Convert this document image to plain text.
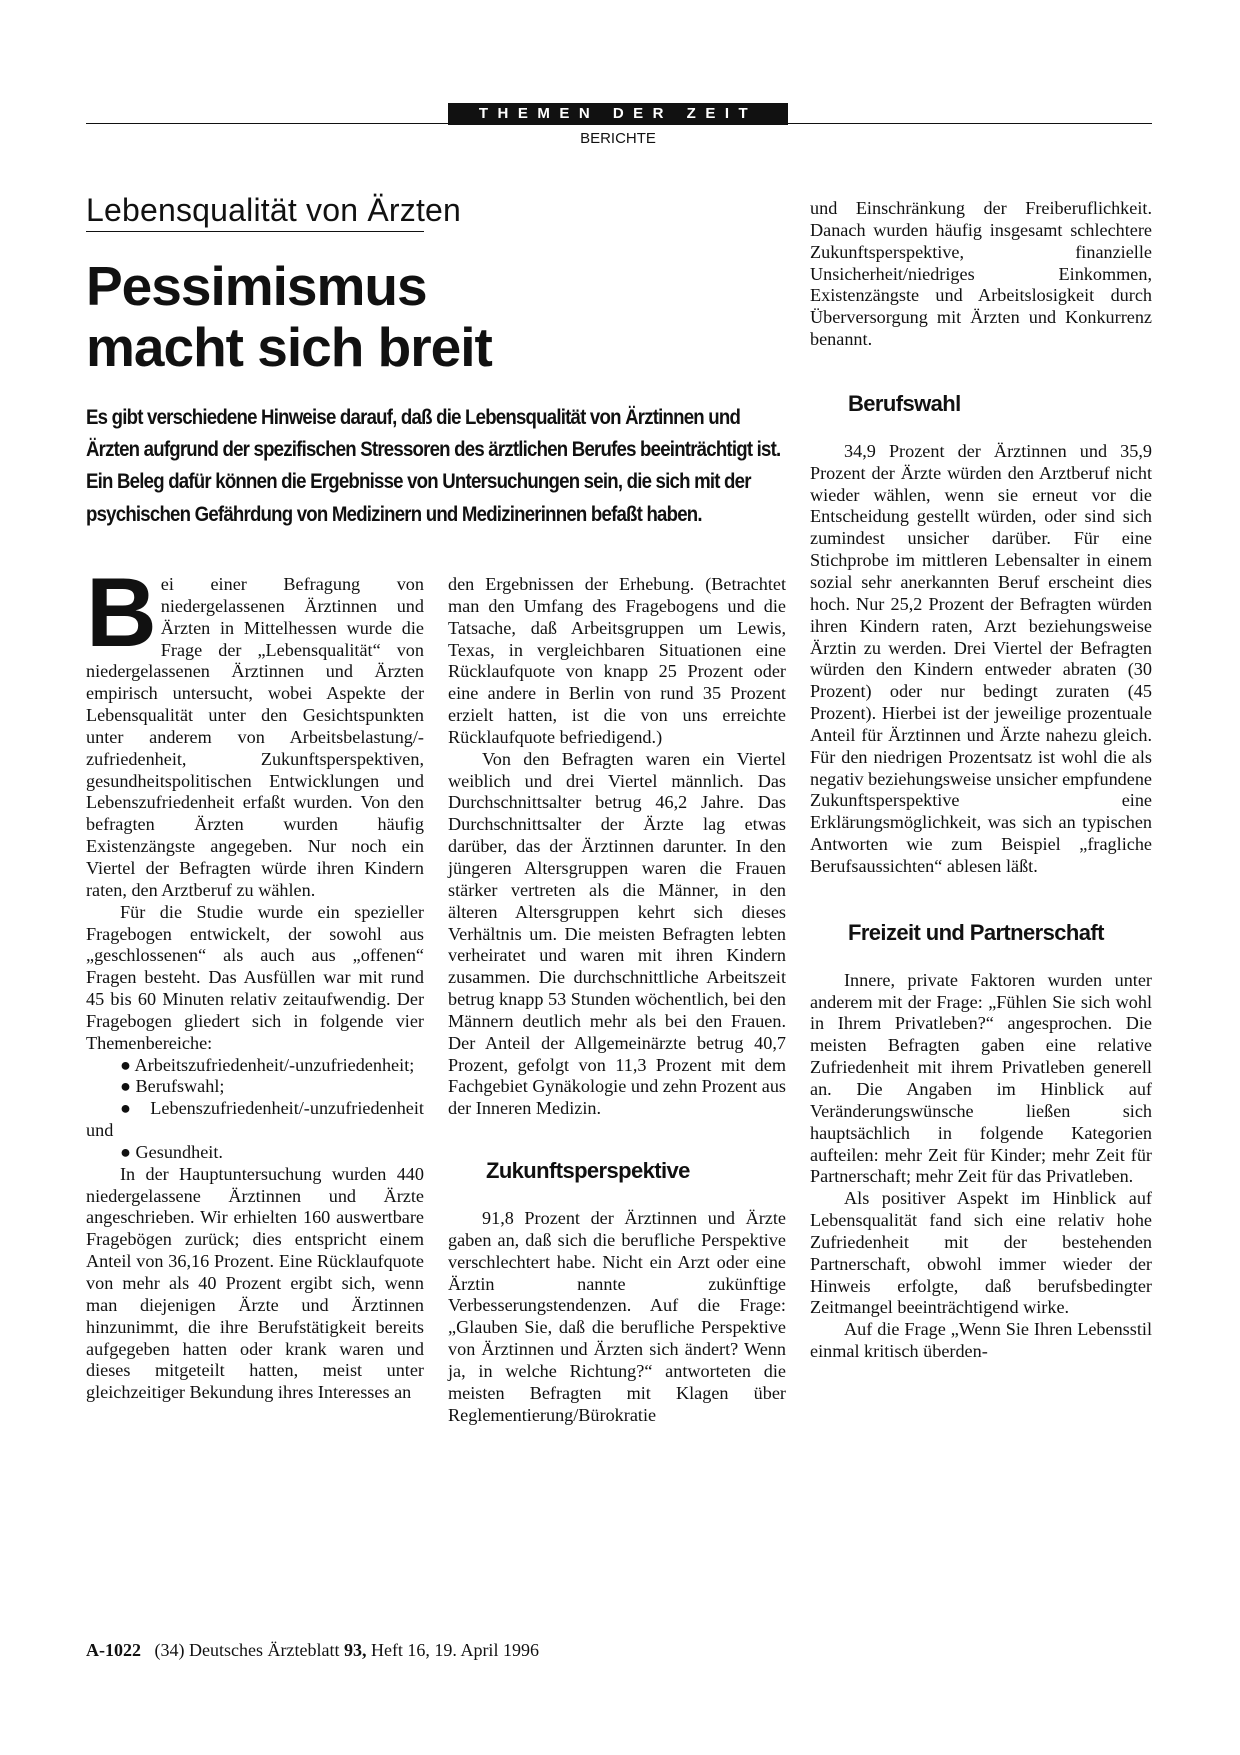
THEMEN DER ZEIT
BERICHTE
Lebensqualität von Ärzten
Pessimismus
macht sich breit
Es gibt verschiedene Hinweise darauf, daß die Lebensqualität von Ärztinnen und Ärzten aufgrund der spezifischen Stressoren des ärztlichen Berufes beeinträchtigt ist. Ein Beleg dafür können die Ergebnisse von Untersuchungen sein, die sich mit der psychischen Gefährdung von Medizinern und Medizinerinnen befaßt haben.

Bei einer Befragung von niedergelassenen Ärztinnen und Ärzten in Mittelhessen wurde die Frage der „Lebensqualität“ von niedergelassenen Ärztinnen und Ärzten empirisch untersucht, wobei Aspekte der Lebensqualität unter den Gesichtspunkten unter anderem von Arbeitsbelastung/-zufriedenheit, Zukunftsperspektiven, gesundheitspolitischen Entwicklungen und Lebenszufriedenheit erfaßt wurden. Von den befragten Ärzten wurden häufig Existenzängste angegeben. Nur noch ein Viertel der Befragten würde ihren Kindern raten, den Arztberuf zu wählen.

Für die Studie wurde ein spezieller Fragebogen entwickelt, der sowohl aus „geschlossenen“ als auch aus „offenen“ Fragen besteht. Das Ausfüllen war mit rund 45 bis 60 Minuten relativ zeitaufwendig. Der Fragebogen gliedert sich in folgende vier Themenbereiche:

● Arbeitszufriedenheit/-unzufriedenheit;

● Berufswahl;

● Lebenszufriedenheit/-unzufriedenheit und

● Gesundheit.

In der Hauptuntersuchung wurden 440 niedergelassene Ärztinnen und Ärzte angeschrieben. Wir erhielten 160 auswertbare Fragebögen zurück; dies entspricht einem Anteil von 36,16 Prozent. Eine Rücklaufquote von mehr als 40 Prozent ergibt sich, wenn man diejenigen Ärzte und Ärztinnen hinzunimmt, die ihre Berufstätigkeit bereits aufgegeben hatten oder krank waren und dieses mitgeteilt hatten, meist unter gleichzeitiger Bekundung ihres Interesses an

den Ergebnissen der Erhebung. (Betrachtet man den Umfang des Fragebogens und die Tatsache, daß Arbeitsgruppen um Lewis, Texas, in vergleichbaren Situationen eine Rücklaufquote von knapp 25 Prozent oder eine andere in Berlin von rund 35 Prozent erzielt hatten, ist die von uns erreichte Rücklaufquote befriedigend.)

Von den Befragten waren ein Viertel weiblich und drei Viertel männlich. Das Durchschnittsalter betrug 46,2 Jahre. Das Durchschnittsalter der Ärzte lag etwas darüber, das der Ärztinnen darunter. In den jüngeren Altersgruppen waren die Frauen stärker vertreten als die Männer, in den älteren Altersgruppen kehrt sich dieses Verhältnis um. Die meisten Befragten lebten verheiratet und waren mit ihren Kindern zusammen. Die durchschnittliche Arbeitszeit betrug knapp 53 Stunden wöchentlich, bei den Männern deutlich mehr als bei den Frauen. Der Anteil der Allgemeinärzte betrug 40,7 Prozent, gefolgt von 11,3 Prozent mit dem Fachgebiet Gynäkologie und zehn Prozent aus der Inneren Medizin.

Zukunftsperspektive

91,8 Prozent der Ärztinnen und Ärzte gaben an, daß sich die berufliche Perspektive verschlechtert habe. Nicht ein Arzt oder eine Ärztin nannte zukünftige Verbesserungstendenzen. Auf die Frage: „Glauben Sie, daß die berufliche Perspektive von Ärztinnen und Ärzten sich ändert? Wenn ja, in welche Richtung?“ antworteten die meisten Befragten mit Klagen über Reglementierung/Bürokratie

und Einschränkung der Freiberuflichkeit. Danach wurden häufig insgesamt schlechtere Zukunftsperspektive, finanzielle Unsicherheit/niedriges Einkommen, Existenzängste und Arbeitslosigkeit durch Überversorgung mit Ärzten und Konkurrenz benannt.

Berufswahl

34,9 Prozent der Ärztinnen und 35,9 Prozent der Ärzte würden den Arztberuf nicht wieder wählen, wenn sie erneut vor die Entscheidung gestellt würden, oder sind sich zumindest unsicher darüber. Für eine Stichprobe im mittleren Lebensalter in einem sozial sehr anerkannten Beruf erscheint dies hoch. Nur 25,2 Prozent der Befragten würden ihren Kindern raten, Arzt beziehungsweise Ärztin zu werden. Drei Viertel der Befragten würden den Kindern entweder abraten (30 Prozent) oder nur bedingt zuraten (45 Prozent). Hierbei ist der jeweilige prozentuale Anteil für Ärztinnen und Ärzte nahezu gleich. Für den niedrigen Prozentsatz ist wohl die als negativ beziehungsweise unsicher empfundene Zukunftsperspektive eine Erklärungsmöglichkeit, was sich an typischen Antworten wie zum Beispiel „fragliche Berufsaussichten“ ablesen läßt.

Freizeit und Partnerschaft

Innere, private Faktoren wurden unter anderem mit der Frage: „Fühlen Sie sich wohl in Ihrem Privatleben?“ angesprochen. Die meisten Befragten gaben eine relative Zufriedenheit mit ihrem Privatleben generell an. Die Angaben im Hinblick auf Veränderungswünsche ließen sich hauptsächlich in folgende Kategorien aufteilen: mehr Zeit für Kinder; mehr Zeit für Partnerschaft; mehr Zeit für das Privatleben.

Als positiver Aspekt im Hinblick auf Lebensqualität fand sich eine relativ hohe Zufriedenheit mit der bestehenden Partnerschaft, obwohl immer wieder der Hinweis erfolgte, daß berufsbedingter Zeitmangel beeinträchtigend wirke.

Auf die Frage „Wenn Sie Ihren Lebensstil einmal kritisch überden-

A-1022 (34) Deutsches Ärzteblatt 93, Heft 16, 19. April 1996
